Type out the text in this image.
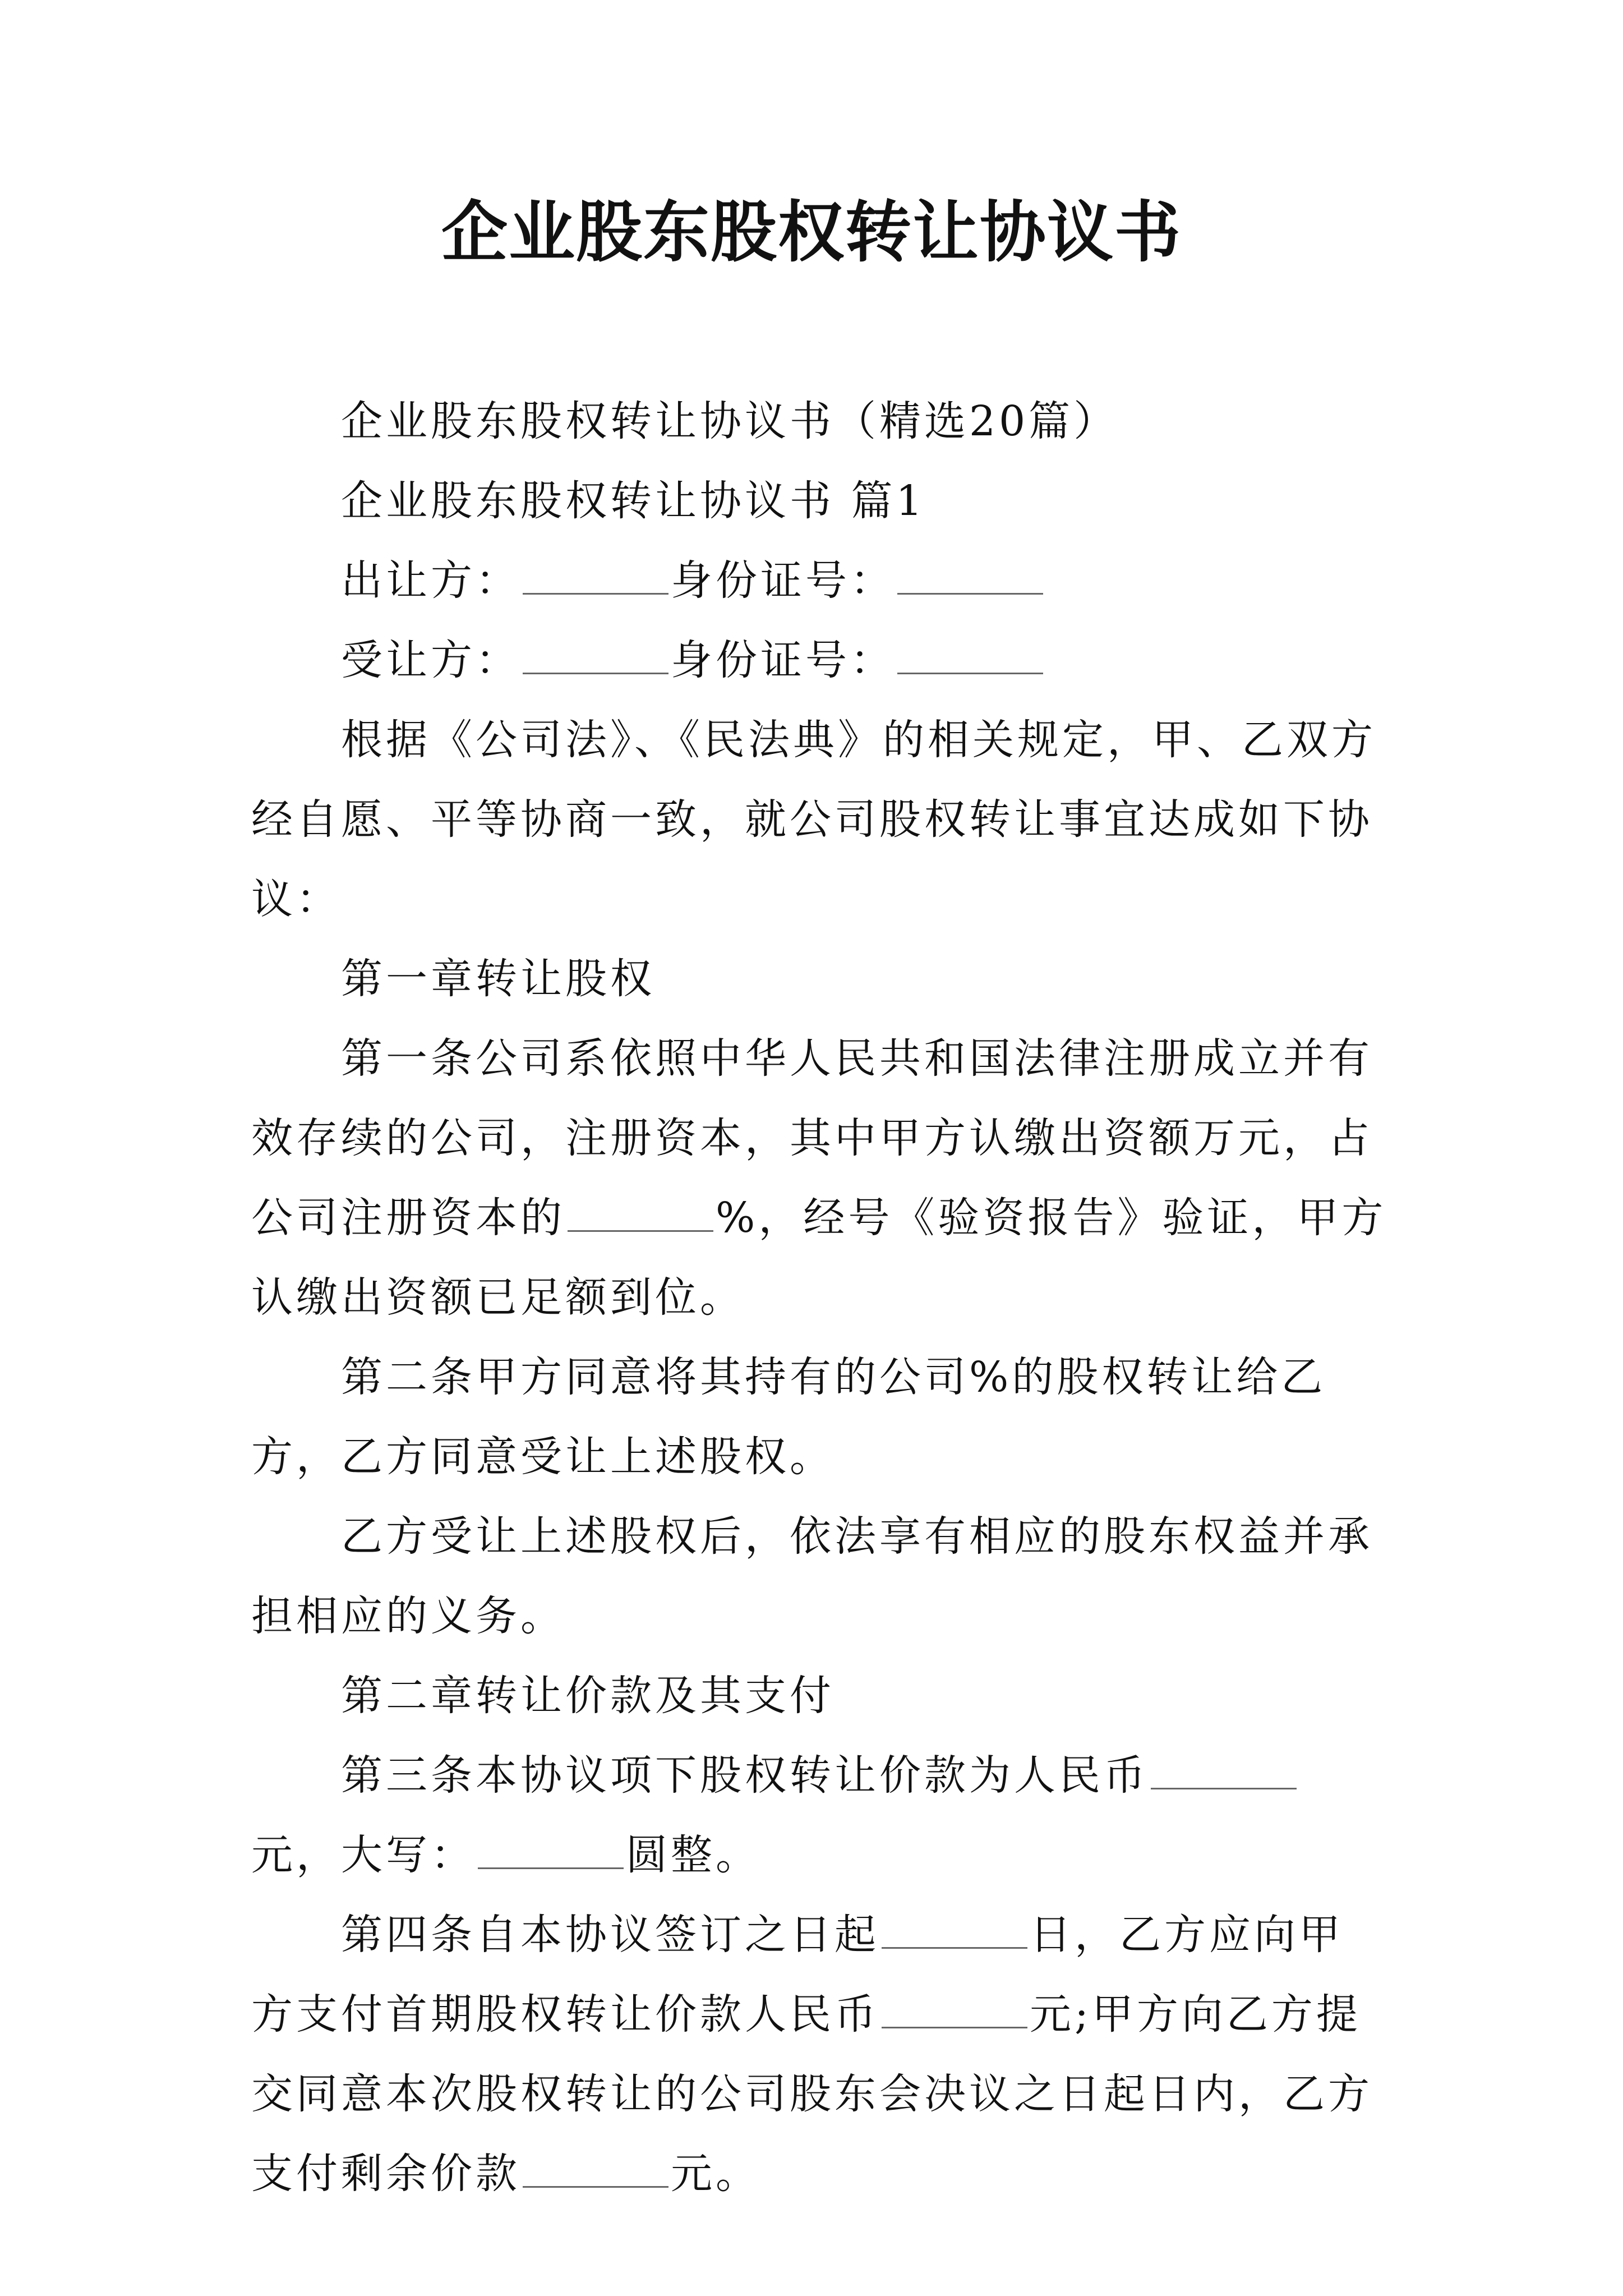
企业股东股权转让协议书

企业股东股权转让协议书（精选20篇）

企业股东股权转让协议书 篇1

出让方：	身份证号：

受让方：	身份证号：

根据《公司法》、《民法典》的相关规定，甲、乙双方经自愿、平等协商一致，就公司股权转让事宜达成如下协议：

第一章转让股权

第一条公司系依照中华人民共和国法律注册成立并有效存续的公司，注册资本，其中甲方认缴出资额万元，占公司注册资本的	%，经号《验资报告》验证，甲方认缴出资额已足额到位。

第二条甲方同意将其持有的公司%的股权转让给乙方，乙方同意受让上述股权。

乙方受让上述股权后，依法享有相应的股东权益并承担相应的义务。

第二章转让价款及其支付

第三条本协议项下股权转让价款为人民币元，大写：	圆整。

第四条自本协议签订之日起	日，乙方应向甲方支付首期股权转让价款人民币	元;甲方向乙方提交同意本次股权转让的公司股东会决议之日起日内，乙方支付剩余价款	元。
